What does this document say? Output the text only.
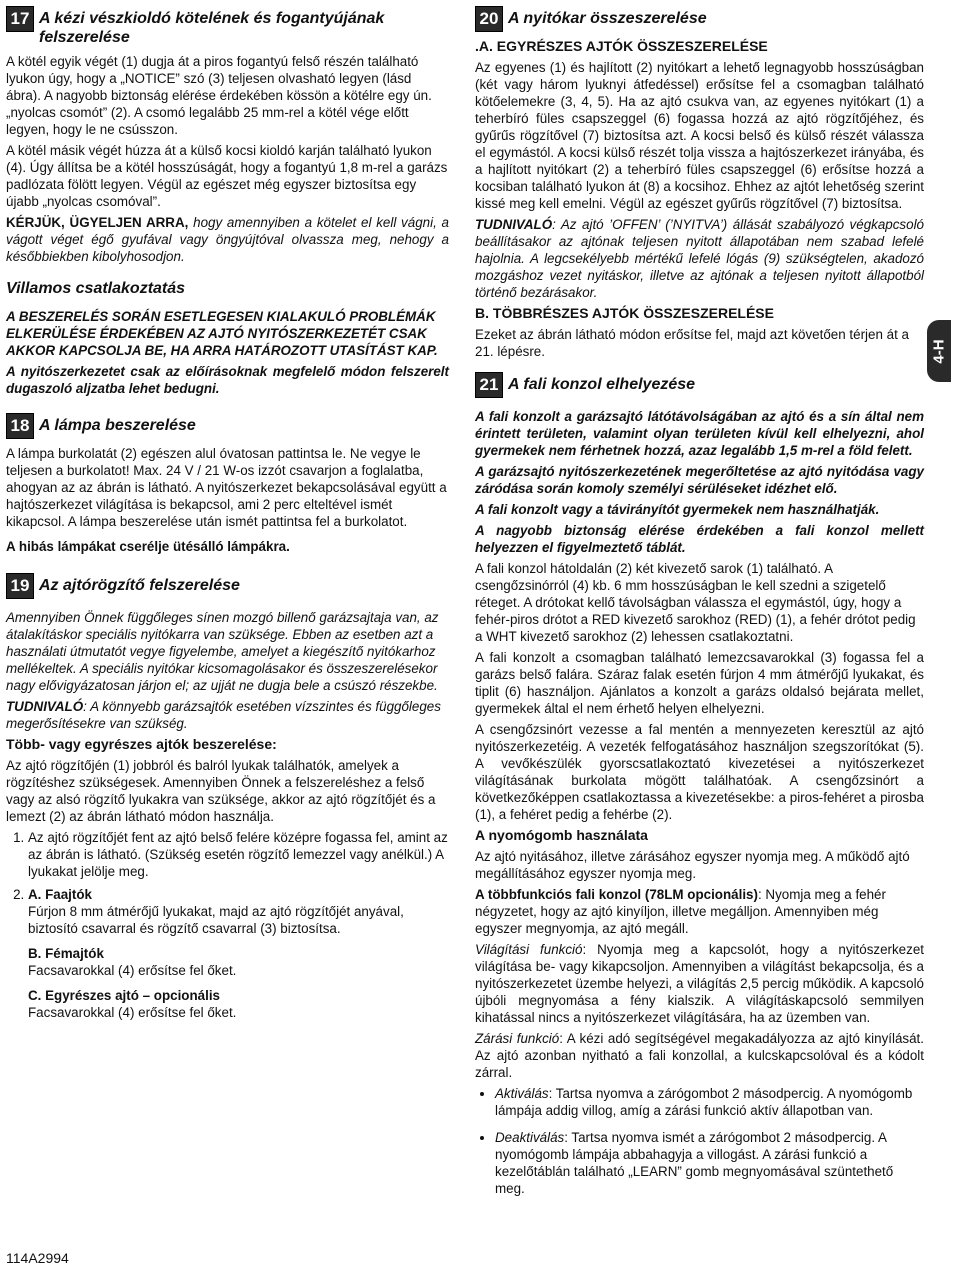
17 A kézi vészkioldó kötelének és fogantyújának felszerelése

A kötél egyik végét (1) dugja át a piros fogantyú felső részén található lyukon úgy, hogy a „NOTICE” szó (3) teljesen olvasható legyen (lásd ábra). A nagyobb biztonság elérése érdekében kössön a kötélre egy ún. „nyolcas csomót” (2). A csomó legalább 25 mm-rel a kötél vége előtt legyen, hogy le ne csússzon.

A kötél másik végét húzza át a külső kocsi kioldó karján található lyukon (4). Úgy állítsa be a kötél hosszúságát, hogy a fogantyú 1,8 m-rel a garázs padlózata fölött legyen. Végül az egészet még egyszer biztosítsa egy újabb „nyolcas csomóval”.

KÉRJÜK, ÜGYELJEN ARRA, hogy amennyiben a kötelet el kell vágni, a vágott véget égő gyufával vagy öngyújtóval olvassza meg, nehogy a későbbiekben kibolyhosodjon.

Villamos csatlakoztatás

A BESZERELÉS SORÁN ESETLEGESEN KIALAKULÓ PROBLÉMÁK ELKERÜLÉSE ÉRDEKÉBEN AZ AJTÓ NYITÓSZERKEZETÉT CSAK AKKOR KAPCSOLJA BE, HA ARRA HATÁROZOTT UTASÍTÁST KAP.

A nyitószerkezetet csak az előírásoknak megfelelő módon felszerelt dugaszoló aljzatba lehet bedugni.

18 A lámpa beszerelése

A lámpa burkolatát (2) egészen alul óvatosan pattintsa le. Ne vegye le teljesen a burkolatot! Max. 24 V / 21 W-os izzót csavarjon a foglalatba, ahogyan az az ábrán is látható. A nyitószerkezet bekapcsolásával együtt a hajtószerkezet világítása is bekapcsol, ami 2 perc elteltével ismét kikapcsol. A lámpa beszerelése után ismét pattintsa fel a burkolatot.

A hibás lámpákat cserélje ütésálló lámpákra.

19 Az ajtórögzítő felszerelése

Amennyiben Önnek függőleges sínen mozgó billenő garázsajtaja van, az átalakításkor speciális nyitókarra van szüksége. Ebben az esetben azt a használati útmutatót vegye figyelembe, amelyet a kiegészítő nyitókarhoz mellékeltek. A speciális nyitókar kicsomagolásakor és összeszerelésekor nagy elővigyázatosan járjon el; az ujját ne dugja bele a csúszó részekbe.

TUDNIVALÓ: A könnyebb garázsajtók esetében vízszintes és függőleges megerősítésekre van szükség.

Több- vagy egyrészes ajtók beszerelése:

Az ajtó rögzítőjén (1) jobbról és balról lyukak találhatók, amelyek a rögzítéshez szükségesek. Amennyiben Önnek a felszereléshez a felső vagy az alsó rögzítő lyukakra van szüksége, akkor az ajtó rögzítőjét és a lemezt (2) az ábrán látható módon használja.

1. Az ajtó rögzítőjét fent az ajtó belső felére középre fogassa fel, amint az az ábrán is látható. (Szükség esetén rögzítő lemezzel vagy anélkül.) A lyukakat jelölje meg.
2. A. Faajtók
Fúrjon 8 mm átmérőjű lyukakat, majd az ajtó rögzítőjét anyával, biztosító csavarral és rögzítő csavarral (3) biztosítsa.
B. Fémajtók
Facsavarokkal (4) erősítse fel őket.
C. Egyrészes ajtó – opcionális
Facsavarokkal (4) erősítse fel őket.
20 A nyitókar összeszerelése
.A. EGYRÉSZES AJTÓK ÖSSZESZERELÉSE

Az egyenes (1) és hajlított (2) nyitókart a lehető legnagyobb hosszúságban (két vagy három lyuknyi átfedéssel) erősítse fel a csomagban található kötőelemekre (3, 4, 5). Ha az ajtó csukva van, az egyenes nyitókart (1) a teherbíró füles csapszeggel (6) fogassa hozzá az ajtó rögzítőjéhez, és gyűrűs rögzítővel (7) biztosítsa azt. A kocsi belső és külső részét válassza el egymástól. A kocsi külső részét tolja vissza a hajtószerkezet irányába, és a hajlított nyitókart (2) a teherbíró füles csapszeggel (6) erősítse hozzá a kocsiban található lyukon át (8) a kocsihoz. Ehhez az ajtót lehetőség szerint kissé meg kell emelni. Végül az egészet gyűrűs rögzítővel (7) biztosítsa.

TUDNIVALÓ: Az ajtó ’OFFEN’ (’NYITVA’) állását szabályozó végkapcsoló beállításakor az ajtónak teljesen nyitott állapotában nem szabad lefelé hajolnia. A legcsekélyebb mértékű lefelé lógás (9) szükségtelen, akadozó mozgáshoz vezet nyitáskor, illetve az ajtónak a teljesen nyitott állapotból történő bezárásakor.

B. TÖBBRÉSZES AJTÓK ÖSSZESZERELÉSE

Ezeket az ábrán látható módon erősítse fel, majd azt követően térjen át a 21. lépésre.

21 A fali konzol elhelyezése

A fali konzolt a garázsajtó látótávolságában az ajtó és a sín által nem érintett területen, valamint olyan területen kívül kell elhelyezni, ahol gyermekek nem férhetnek hozzá, azaz legalább 1,5 m-rel a föld felett.

A garázsajtó nyitószerkezetének megerőltetése az ajtó nyitódása vagy záródása során komoly személyi sérüléseket idézhet elő.

A fali konzolt vagy a távirányítót gyermekek nem használhatják.

A nagyobb biztonság elérése érdekében a fali konzol mellett helyezzen el figyelmeztető táblát.

A fali konzol hátoldalán (2) két kivezető sarok (1) található. A csengőzsinórról (4) kb. 6 mm hosszúságban le kell szedni a szigetelő réteget. A drótokat kellő távolságban válassza el egymástól, úgy, hogy a fehér-piros drótot a RED kivezető sarokhoz (RED) (1), a fehér drótot pedig a WHT kivezető sarokhoz (2) lehessen csatlakoztatni.

A fali konzolt a csomagban található lemezcsavarokkal (3) fogassa fel a garázs belső falára. Száraz falak esetén fúrjon 4 mm átmérőjű lyukakat, és tiplit (6) használjon. Ajánlatos a konzolt a garázs oldalsó bejárata mellet, gyermekek által el nem érhető helyen elhelyezni.

A csengőzsinórt vezesse a fal mentén a mennyezeten keresztül az ajtó nyitószerkezetéig. A vezeték felfogatásához használjon szegszorítókat (5). A vevőkészülék gyorscsatlakoztató kivezetései a nyitószerkezet világításának burkolata mögött találhatóak. A csengőzsinórt a következőképpen csatlakoztassa a kivezetésekbe: a piros-fehéret a pirosba (1), a fehéret pedig a fehérbe (2).

A nyomógomb használata

Az ajtó nyitásához, illetve zárásához egyszer nyomja meg. A működő ajtó megállításához egyszer nyomja meg.

A többfunkciós fali konzol (78LM opcionális): Nyomja meg a fehér négyzetet, hogy az ajtó kinyíljon, illetve megálljon. Amennyiben még egyszer megnyomja, az ajtó megáll.

Világítási funkció: Nyomja meg a kapcsolót, hogy a nyitószerkezet világítása be- vagy kikapcsoljon. Amennyiben a világítást bekapcsolja, és a nyitószerkezetet üzembe helyezi, a világítás 2,5 percig működik. A kapcsoló újbóli megnyomása a fény kialszik. A világításkapcsoló semmilyen kihatással nincs a nyitószerkezet világítására, ha az üzemben van.

Zárási funkció: A kézi adó segítségével megakadályozza az ajtó kinyílását. Az ajtó azonban nyitható a fali konzollal, a kulcskapcsolóval és a kódolt zárral.

• Aktiválás: Tartsa nyomva a zárógombot 2 másodpercig. A nyomógomb lámpája addig villog, amíg a zárási funkció aktív állapotban van.
• Deaktiválás: Tartsa nyomva ismét a zárógombot 2 másodpercig. A nyomógomb lámpája abbahagyja a villogást. A zárási funkció a kezelőtáblán található „LEARN” gomb megnyomásával szüntethető meg.
4-H
114A2994
